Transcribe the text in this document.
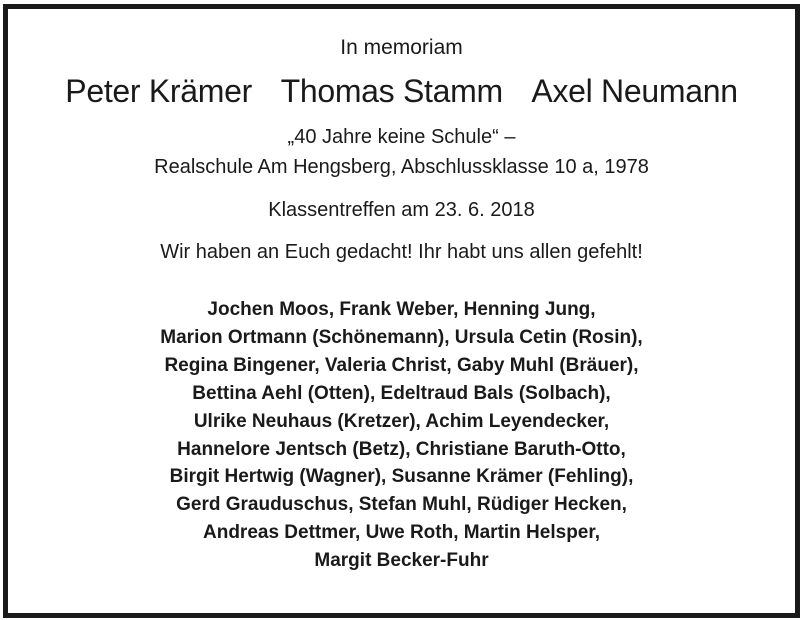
In memoriam
Peter Krämer Thomas Stamm Axel Neumann
„40 Jahre keine Schule“ –
Realschule Am Hengsberg, Abschlussklasse 10 a, 1978
Klassentreffen am 23. 6. 2018
Wir haben an Euch gedacht! Ihr habt uns allen gefehlt!
Jochen Moos, Frank Weber, Henning Jung,
Marion Ortmann (Schönemann), Ursula Cetin (Rosin),
Regina Bingener, Valeria Christ, Gaby Muhl (Bräuer),
Bettina Aehl (Otten), Edeltraud Bals (Solbach),
Ulrike Neuhaus (Kretzer), Achim Leyendecker,
Hannelore Jentsch (Betz), Christiane Baruth-Otto,
Birgit Hertwig (Wagner), Susanne Krämer (Fehling),
Gerd Grauduschus, Stefan Muhl, Rüdiger Hecken,
Andreas Dettmer, Uwe Roth, Martin Helsper,
Margit Becker-Fuhr
